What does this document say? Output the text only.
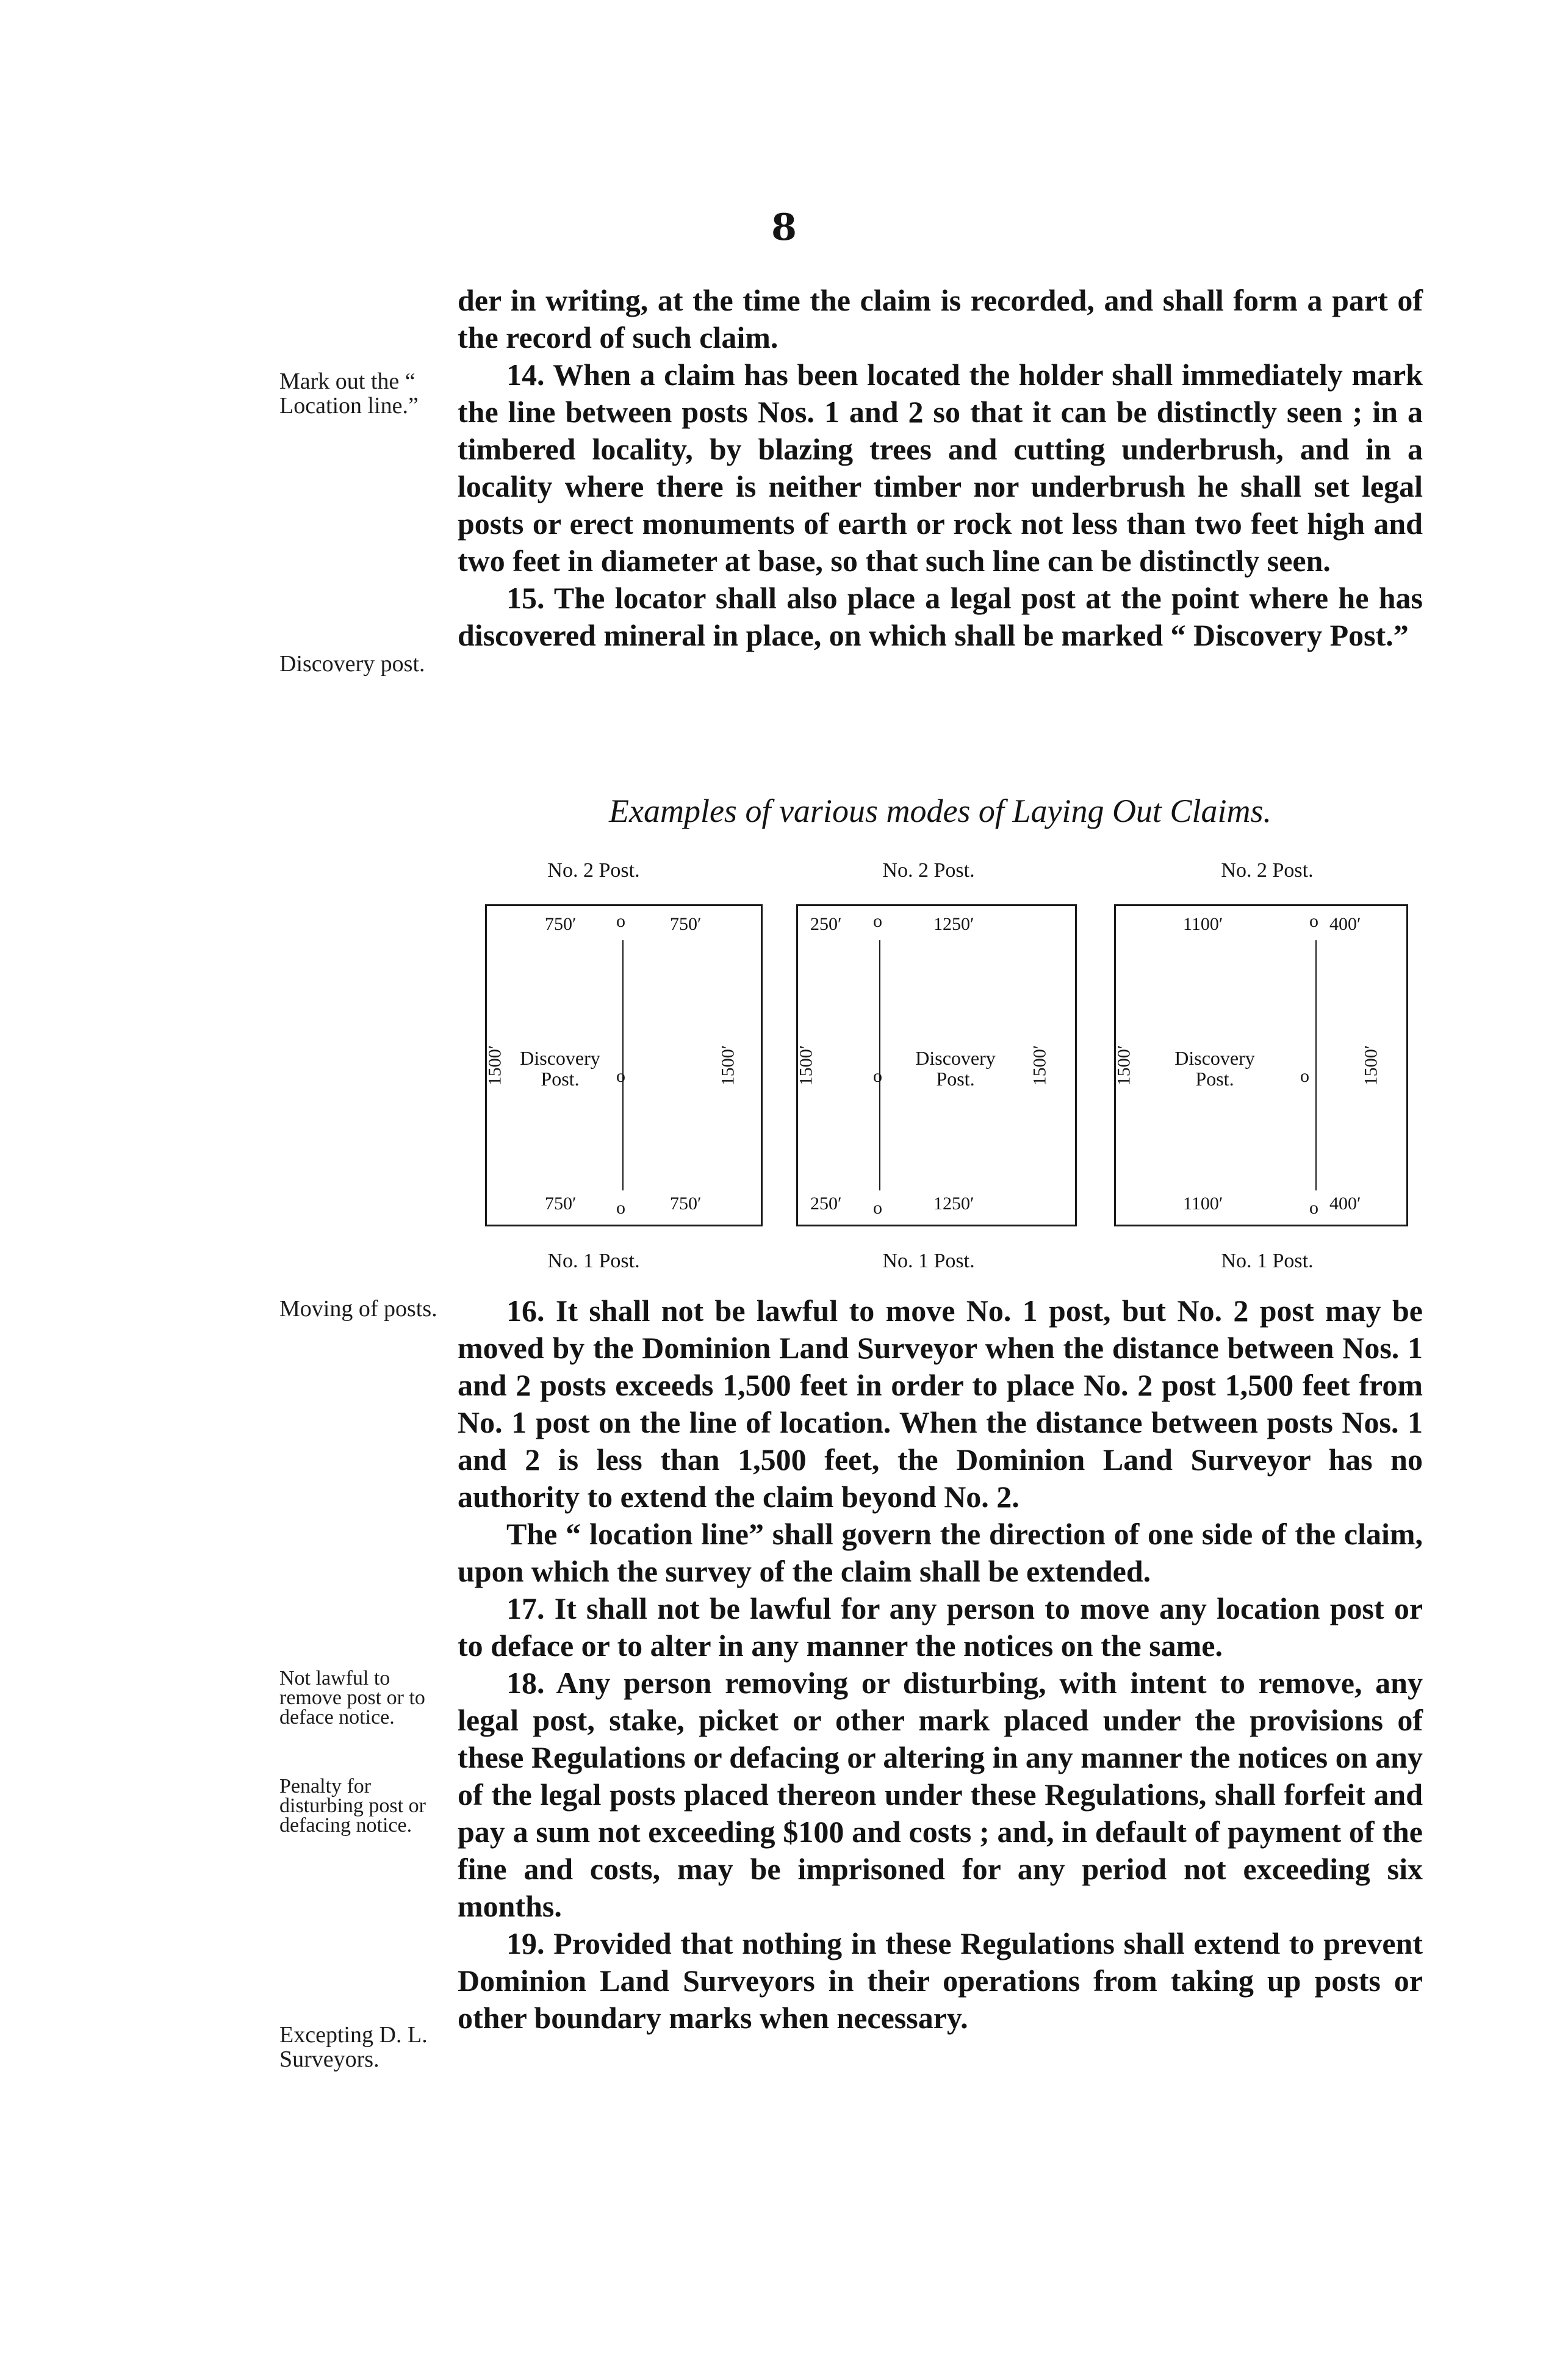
8
Mark out the “ Location line.”
Discovery post.
Moving of posts.
Not lawful to remove post or to deface notice.
Penalty for disturbing post or defacing notice.
Excepting D. L. Surveyors.

der in writing, at the time the claim is recorded, and shall form a part of the record of such claim.

14. When a claim has been located the holder shall immediately mark the line between posts Nos. 1 and 2 so that it can be distinctly seen ; in a timbered locality, by blazing trees and cutting underbrush, and in a locality where there is neither timber nor underbrush he shall set legal posts or erect monuments of earth or rock not less than two feet high and two feet in diameter at base, so that such line can be distinctly seen.

15. The locator shall also place a legal post at the point where he has discovered mineral in place, on which shall be marked “ Discovery Post.”

Examples of various modes of Laying Out Claims.
No. 2 Post.
No. 1 Post.
750′ o 750′
1500′	1500′
Discovery
Post.	o
750′ o 750′
No. 2 Post.
No. 1 Post.
250′ o	1250′
1500′	1500′
o
Discovery
Post.
250′ o	1250′
No. 2 Post.
No. 1 Post.
1100′	o 400′
1500′	1500′
Discovery
Post.	o
1100′	o 400′

16. It shall not be lawful to move No. 1 post, but No. 2 post may be moved by the Dominion Land Surveyor when the distance between Nos. 1 and 2 posts exceeds 1,500 feet in order to place No. 2 post 1,500 feet from No. 1 post on the line of location. When the distance between posts Nos. 1 and 2 is less than 1,500 feet, the Dominion Land Surveyor has no authority to extend the claim beyond No. 2.

The “ location line” shall govern the direction of one side of the claim, upon which the survey of the claim shall be extended.

17. It shall not be lawful for any person to move any location post or to deface or to alter in any manner the notices on the same.

18. Any person removing or disturbing, with intent to remove, any legal post, stake, picket or other mark placed under the provisions of these Regulations or defacing or altering in any manner the notices on any of the legal posts placed thereon under these Regulations, shall forfeit and pay a sum not exceeding $100 and costs ; and, in default of payment of the fine and costs, may be imprisoned for any period not exceeding six months.

19. Provided that nothing in these Regulations shall extend to prevent Dominion Land Surveyors in their operations from taking up posts or other boundary marks when necessary.
